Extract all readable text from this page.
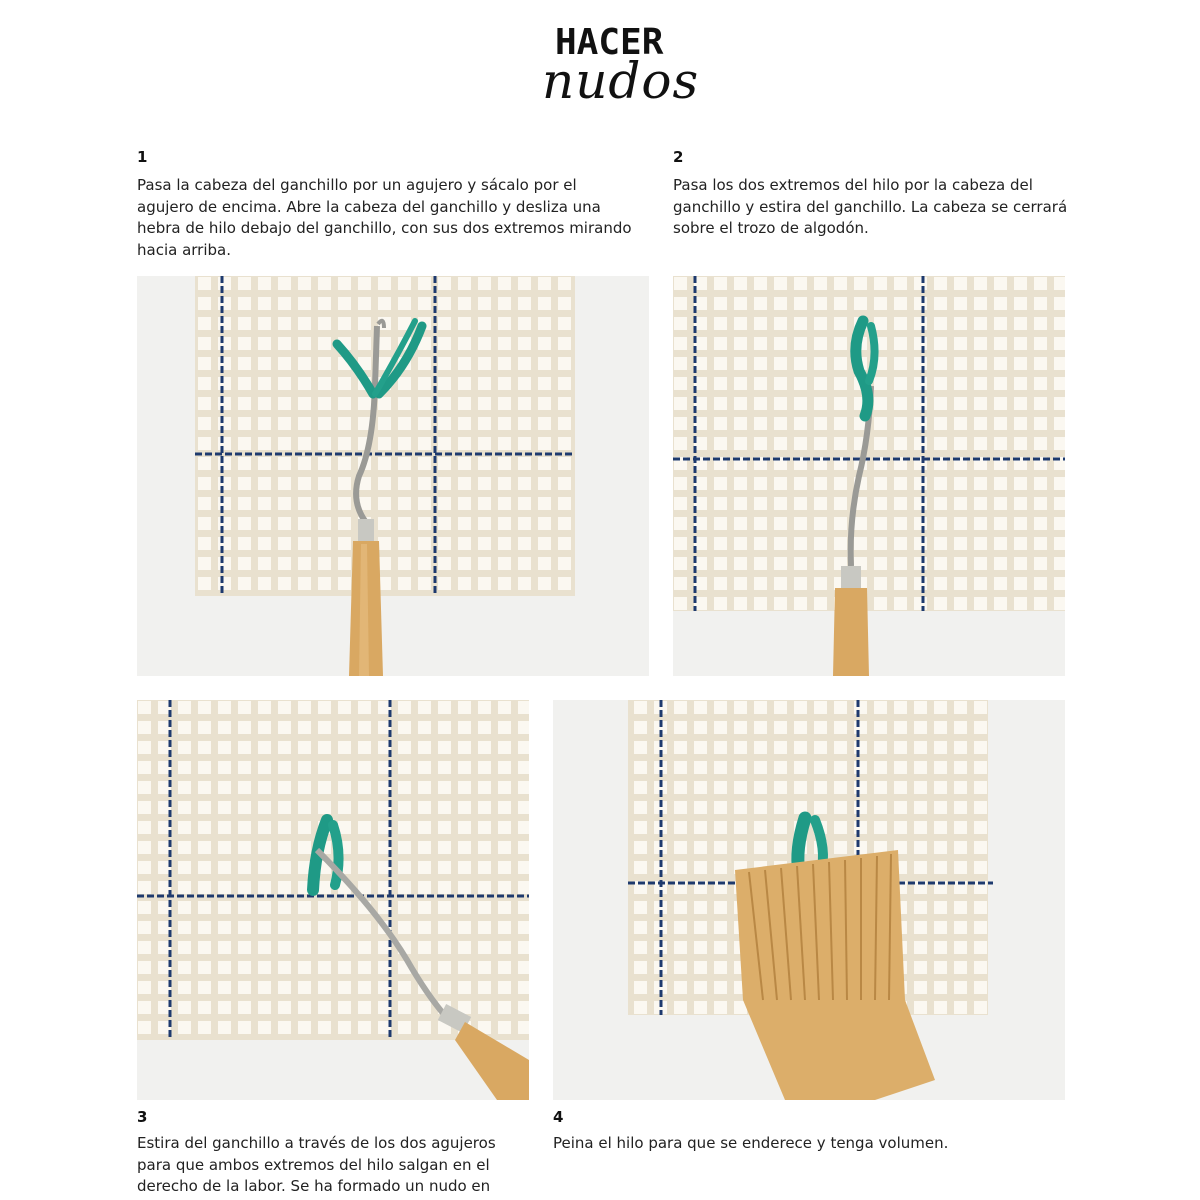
HACER
nudos
1
Pasa la cabeza del ganchillo por un agujero y sácalo por el agujero de encima. Abre la cabeza del ganchillo y desliza una hebra de hilo debajo del ganchillo, con sus dos extremos mirando hacia arriba.
2
Pasa los dos extremos del hilo por la cabeza del ganchillo y estira del ganchillo. La cabeza se cerrará sobre el trozo de algodón.
3
Estira del ganchillo a través de los dos agujeros para que ambos extremos del hilo salgan en el derecho de la labor. Se ha formado un nudo en
4
Peina el hilo para que se enderece y tenga volumen.
